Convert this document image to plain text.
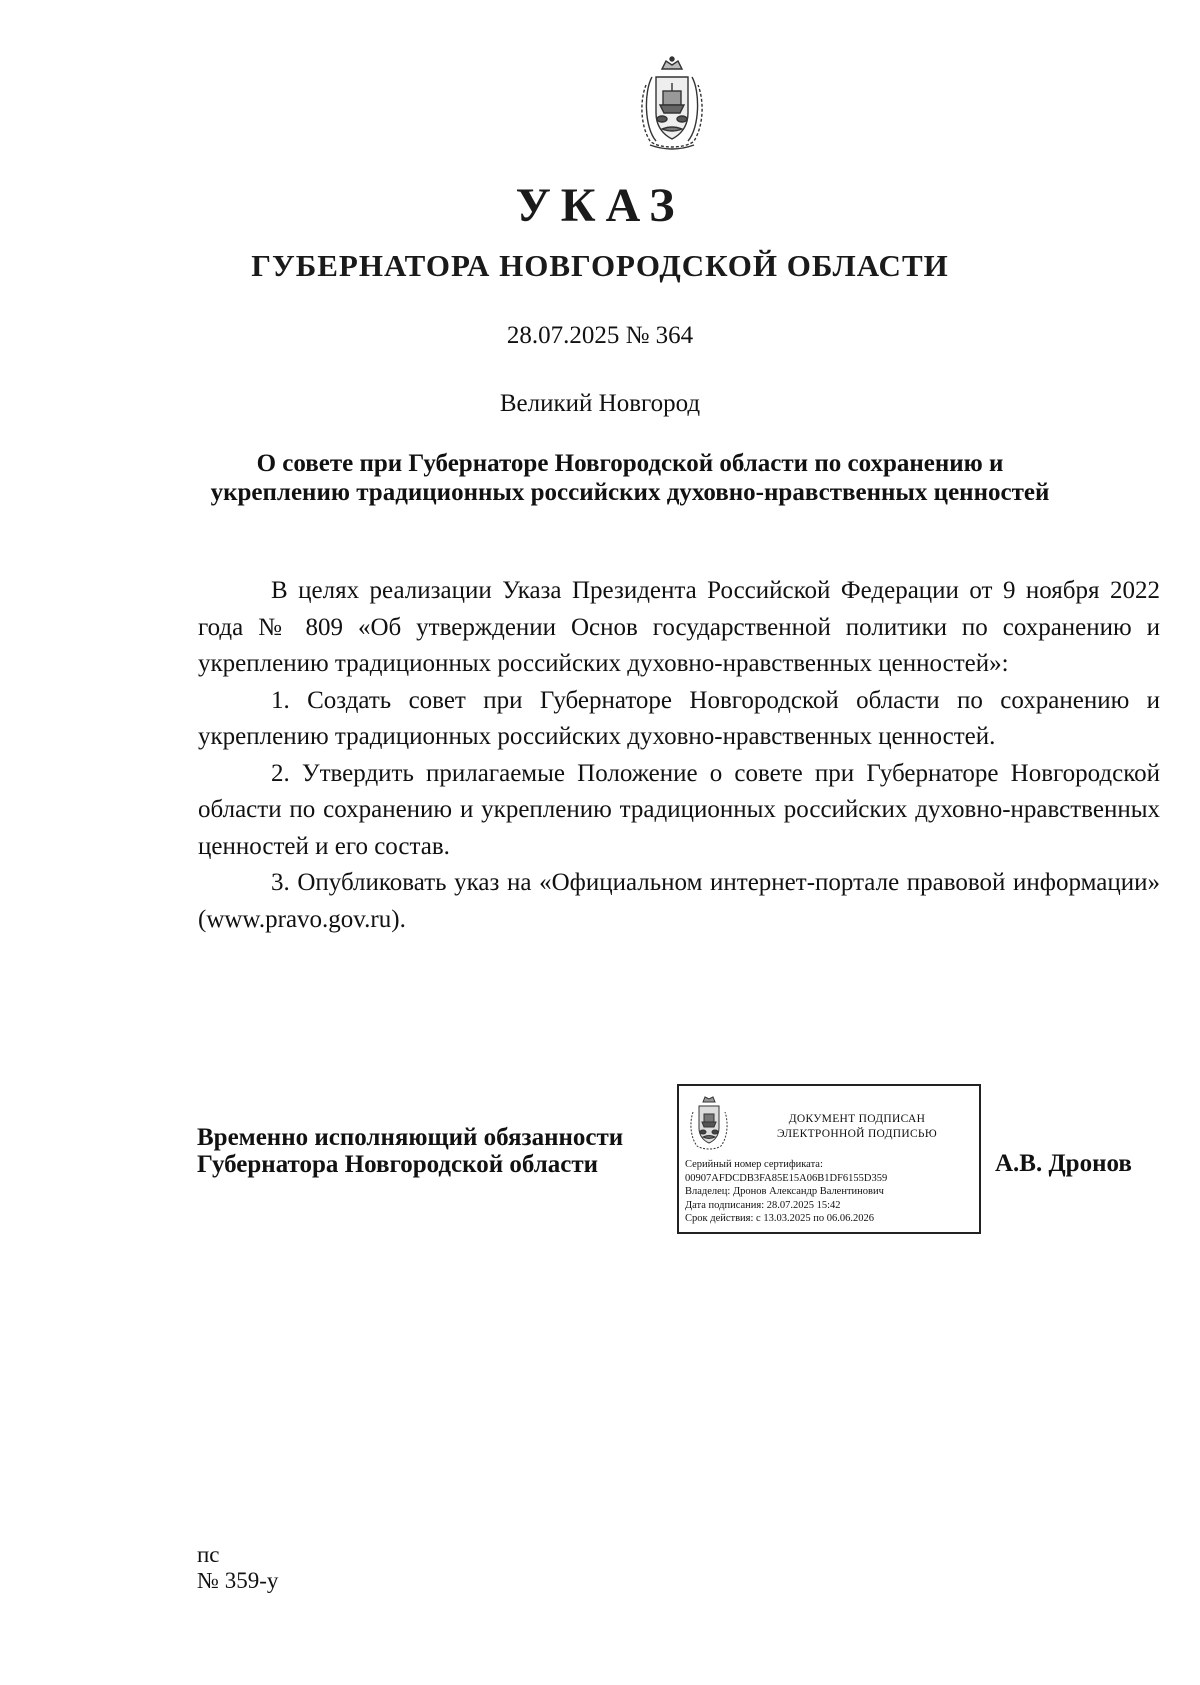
УКАЗ
ГУБЕРНАТОРА НОВГОРОДСКОЙ ОБЛАСТИ
28.07.2025 № 364
Великий Новгород
О совете при Губернаторе Новгородской области по сохранению и
укреплению традиционных российских духовно-нравственных ценностей

В целях реализации Указа Президента Российской Федерации от 9 ноября 2022 года № 809 «Об утверждении Основ государственной политики по сохранению и укреплению традиционных российских духовно-нравственных ценностей»:

1. Создать совет при Губернаторе Новгородской области по сохранению и укреплению традиционных российских духовно-нравственных ценностей.

2. Утвердить прилагаемые Положение о совете при Губернаторе Новгородской области по сохранению и укреплению традиционных российских духовно-нравственных ценностей и его состав.

3. Опубликовать указ на «Официальном интернет-портале правовой информации» (www.pravo.gov.ru).

Временно исполняющий обязанности
Губернатора Новгородской области
ДОКУМЕНТ ПОДПИСАН
ЭЛЕКТРОННОЙ ПОДПИСЬЮ
Серийный номер сертификата:
00907AFDCDB3FA85E15A06B1DF6155D359
Владелец: Дронов Александр Валентинович
Дата подписания: 28.07.2025 15:42
Срок действия: с 13.03.2025 по 06.06.2026
А.В. Дронов
пс
№ 359-у
